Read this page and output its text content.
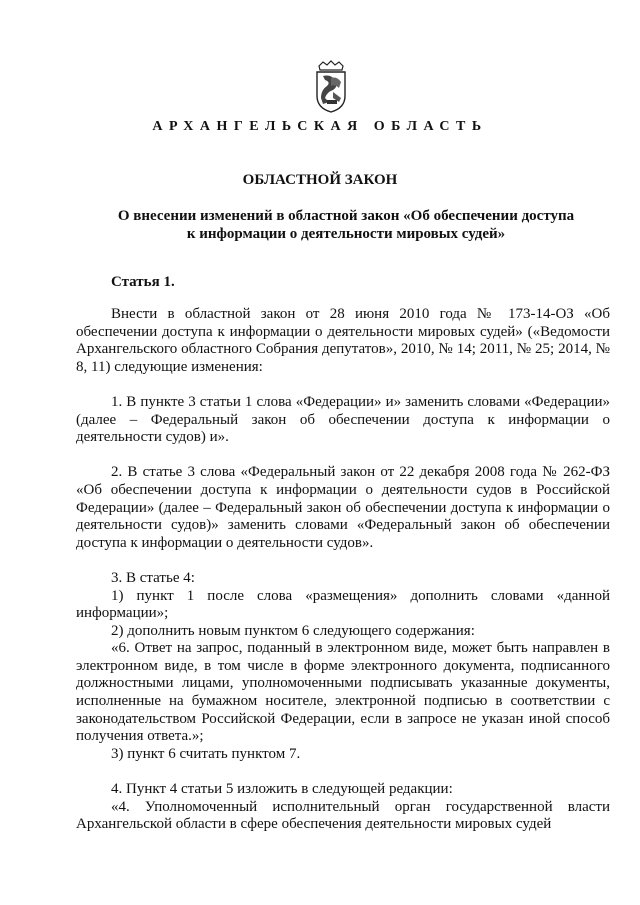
АРХАНГЕЛЬСКАЯ ОБЛАСТЬ
ОБЛАСТНОЙ ЗАКОН
О внесении изменений в областной закон «Об обеспечении доступа
к информации о деятельности мировых судей»
Статья 1.

Внести в областной закон от 28 июня 2010 года № 173-14-ОЗ «Об обеспечении доступа к информации о деятельности мировых судей» («Ведомости Архангельского областного Собрания депутатов», 2010, № 14; 2011, № 25; 2014, № 8, 11) следующие изменения:

1. В пункте 3 статьи 1 слова «Федерации» и» заменить словами «Федерации» (далее – Федеральный закон об обеспечении доступа к информации о деятельности судов) и».

2. В статье 3 слова «Федеральный закон от 22 декабря 2008 года № 262-ФЗ «Об обеспечении доступа к информации о деятельности судов в Российской Федерации» (далее – Федеральный закон об обеспечении доступа к информации о деятельности судов)» заменить словами «Федеральный закон об обеспечении доступа к информации о деятельности судов».

3. В статье 4:

1) пункт 1 после слова «размещения» дополнить словами «данной информации»;

2) дополнить новым пунктом 6 следующего содержания:

«6. Ответ на запрос, поданный в электронном виде, может быть направлен в электронном виде, в том числе в форме электронного документа, подписанного должностными лицами, уполномоченными подписывать указанные документы, исполненные на бумажном носителе, электронной подписью в соответствии с законодательством Российской Федерации, если в запросе не указан иной способ получения ответа.»;

3) пункт 6 считать пунктом 7.

4. Пункт 4 статьи 5 изложить в следующей редакции:

«4. Уполномоченный исполнительный орган государственной власти Архангельской области в сфере обеспечения деятельности мировых судей
